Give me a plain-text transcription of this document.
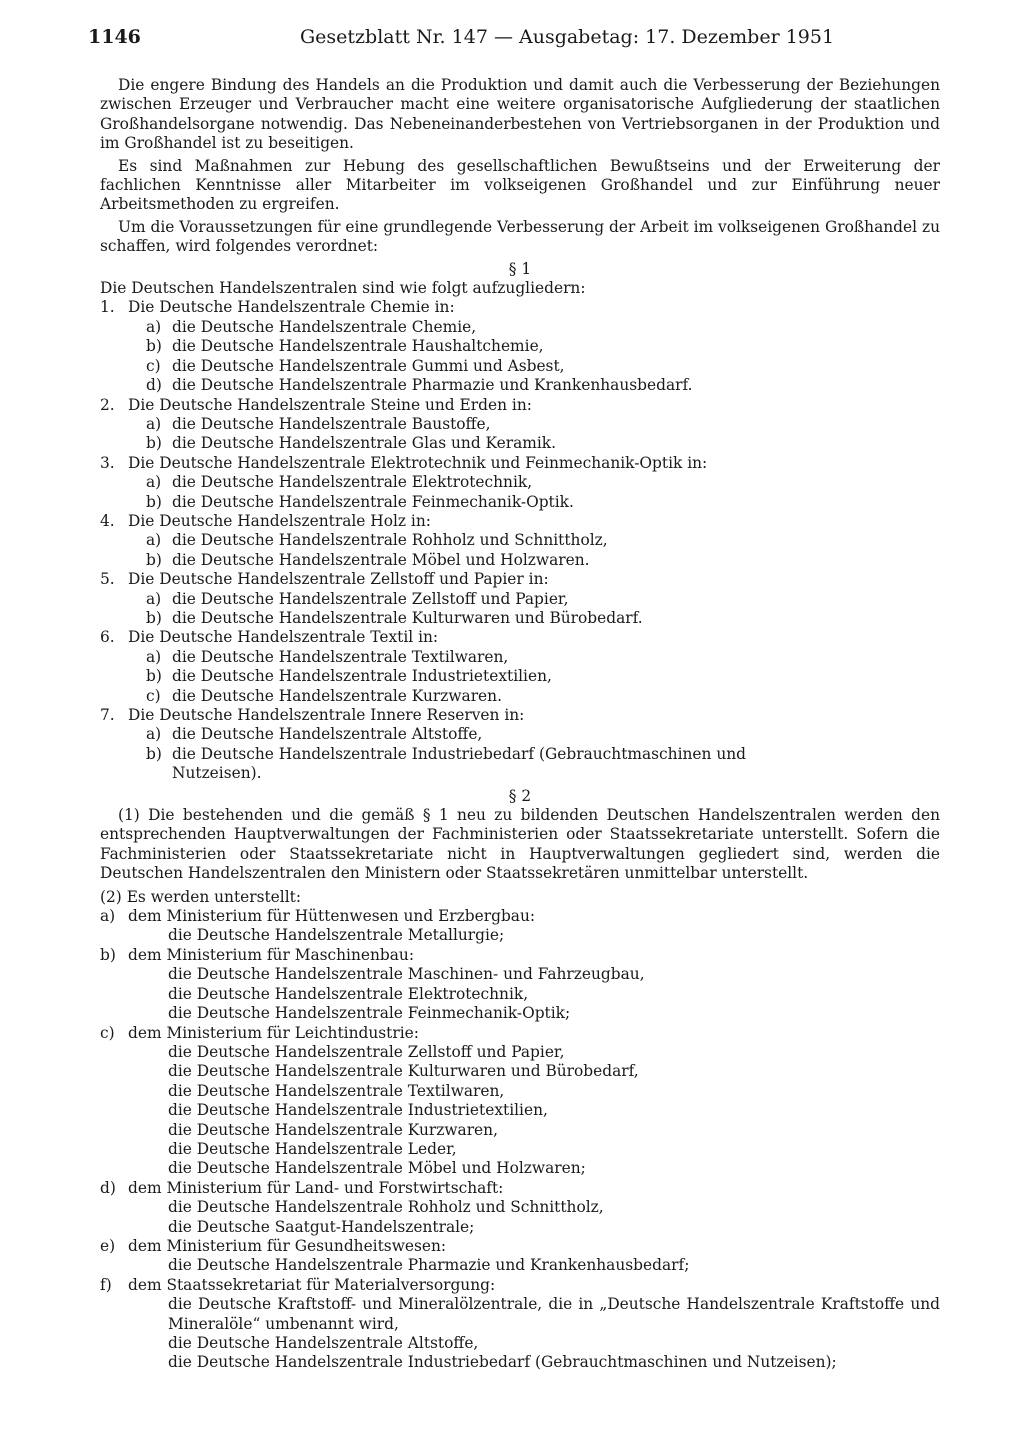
1146	Gesetzblatt Nr. 147 — Ausgabetag: 17. Dezember 1951

Die engere Bindung des Handels an die Produktion und damit auch die Verbesserung der Beziehungen zwischen Erzeuger und Verbraucher macht eine weitere organisatorische Aufgliederung der staatlichen Großhandelsorgane notwendig. Das Nebeneinanderbestehen von Vertriebsorganen in der Produktion und im Großhandel ist zu beseitigen.

Es sind Maßnahmen zur Hebung des gesellschaftlichen Bewußtseins und der Erweiterung der fachlichen Kenntnisse aller Mitarbeiter im volkseigenen Großhandel und zur Einführung neuer Arbeitsmethoden zu ergreifen.

Um die Voraussetzungen für eine grundlegende Verbesserung der Arbeit im volkseigenen Großhandel zu schaffen, wird folgendes verordnet:

§ 1
Die Deutschen Handelszentralen sind wie folgt aufzugliedern:
1. Die Deutsche Handelszentrale Chemie in:
a) die Deutsche Handelszentrale Chemie,
b) die Deutsche Handelszentrale Haushaltchemie,
c) die Deutsche Handelszentrale Gummi und Asbest,
d) die Deutsche Handelszentrale Pharmazie und Krankenhausbedarf.
2. Die Deutsche Handelszentrale Steine und Erden in:
a) die Deutsche Handelszentrale Baustoffe,
b) die Deutsche Handelszentrale Glas und Keramik.
3. Die Deutsche Handelszentrale Elektrotechnik und Feinmechanik-Optik in:
a) die Deutsche Handelszentrale Elektrotechnik,
b) die Deutsche Handelszentrale Feinmechanik-Optik.
4. Die Deutsche Handelszentrale Holz in:
a) die Deutsche Handelszentrale Rohholz und Schnittholz,
b) die Deutsche Handelszentrale Möbel und Holzwaren.
5. Die Deutsche Handelszentrale Zellstoff und Papier in:
a) die Deutsche Handelszentrale Zellstoff und Papier,
b) die Deutsche Handelszentrale Kulturwaren und Bürobedarf.
6. Die Deutsche Handelszentrale Textil in:
a) die Deutsche Handelszentrale Textilwaren,
b) die Deutsche Handelszentrale Industrietextilien,
c) die Deutsche Handelszentrale Kurzwaren.
7. Die Deutsche Handelszentrale Innere Reserven in:
a) die Deutsche Handelszentrale Altstoffe,
b) die Deutsche Handelszentrale Industriebedarf (Gebrauchtmaschinen und
Nutzeisen).
§ 2

(1) Die bestehenden und die gemäß § 1 neu zu bildenden Deutschen Handelszentralen werden den entsprechenden Hauptverwaltungen der Fachministerien oder Staatssekretariate unterstellt. Sofern die Fachministerien oder Staatssekretariate nicht in Hauptverwaltungen gegliedert sind, werden die Deutschen Handelszentralen den Ministern oder Staatssekretären unmittelbar unterstellt.

(2) Es werden unterstellt:
a) dem Ministerium für Hüttenwesen und Erzbergbau:

die Deutsche Handelszentrale Metallurgie;

b) dem Ministerium für Maschinenbau:

die Deutsche Handelszentrale Maschinen- und Fahrzeugbau,

die Deutsche Handelszentrale Elektrotechnik,

die Deutsche Handelszentrale Feinmechanik-Optik;

c) dem Ministerium für Leichtindustrie:

die Deutsche Handelszentrale Zellstoff und Papier,

die Deutsche Handelszentrale Kulturwaren und Bürobedarf,

die Deutsche Handelszentrale Textilwaren,

die Deutsche Handelszentrale Industrietextilien,

die Deutsche Handelszentrale Kurzwaren,

die Deutsche Handelszentrale Leder,

die Deutsche Handelszentrale Möbel und Holzwaren;

d) dem Ministerium für Land- und Forstwirtschaft:

die Deutsche Handelszentrale Rohholz und Schnittholz,

die Deutsche Saatgut-Handelszentrale;

e) dem Ministerium für Gesundheitswesen:

die Deutsche Handelszentrale Pharmazie und Krankenhausbedarf;

f)	dem Staatssekretariat für Materialversorgung:

die Deutsche Kraftstoff- und Mineralölzentrale, die in „Deutsche Handelszentrale Kraftstoffe und Mineralöle“ umbenannt wird,

die Deutsche Handelszentrale Altstoffe,

die Deutsche Handelszentrale Industriebedarf (Gebrauchtmaschinen und Nutzeisen);
